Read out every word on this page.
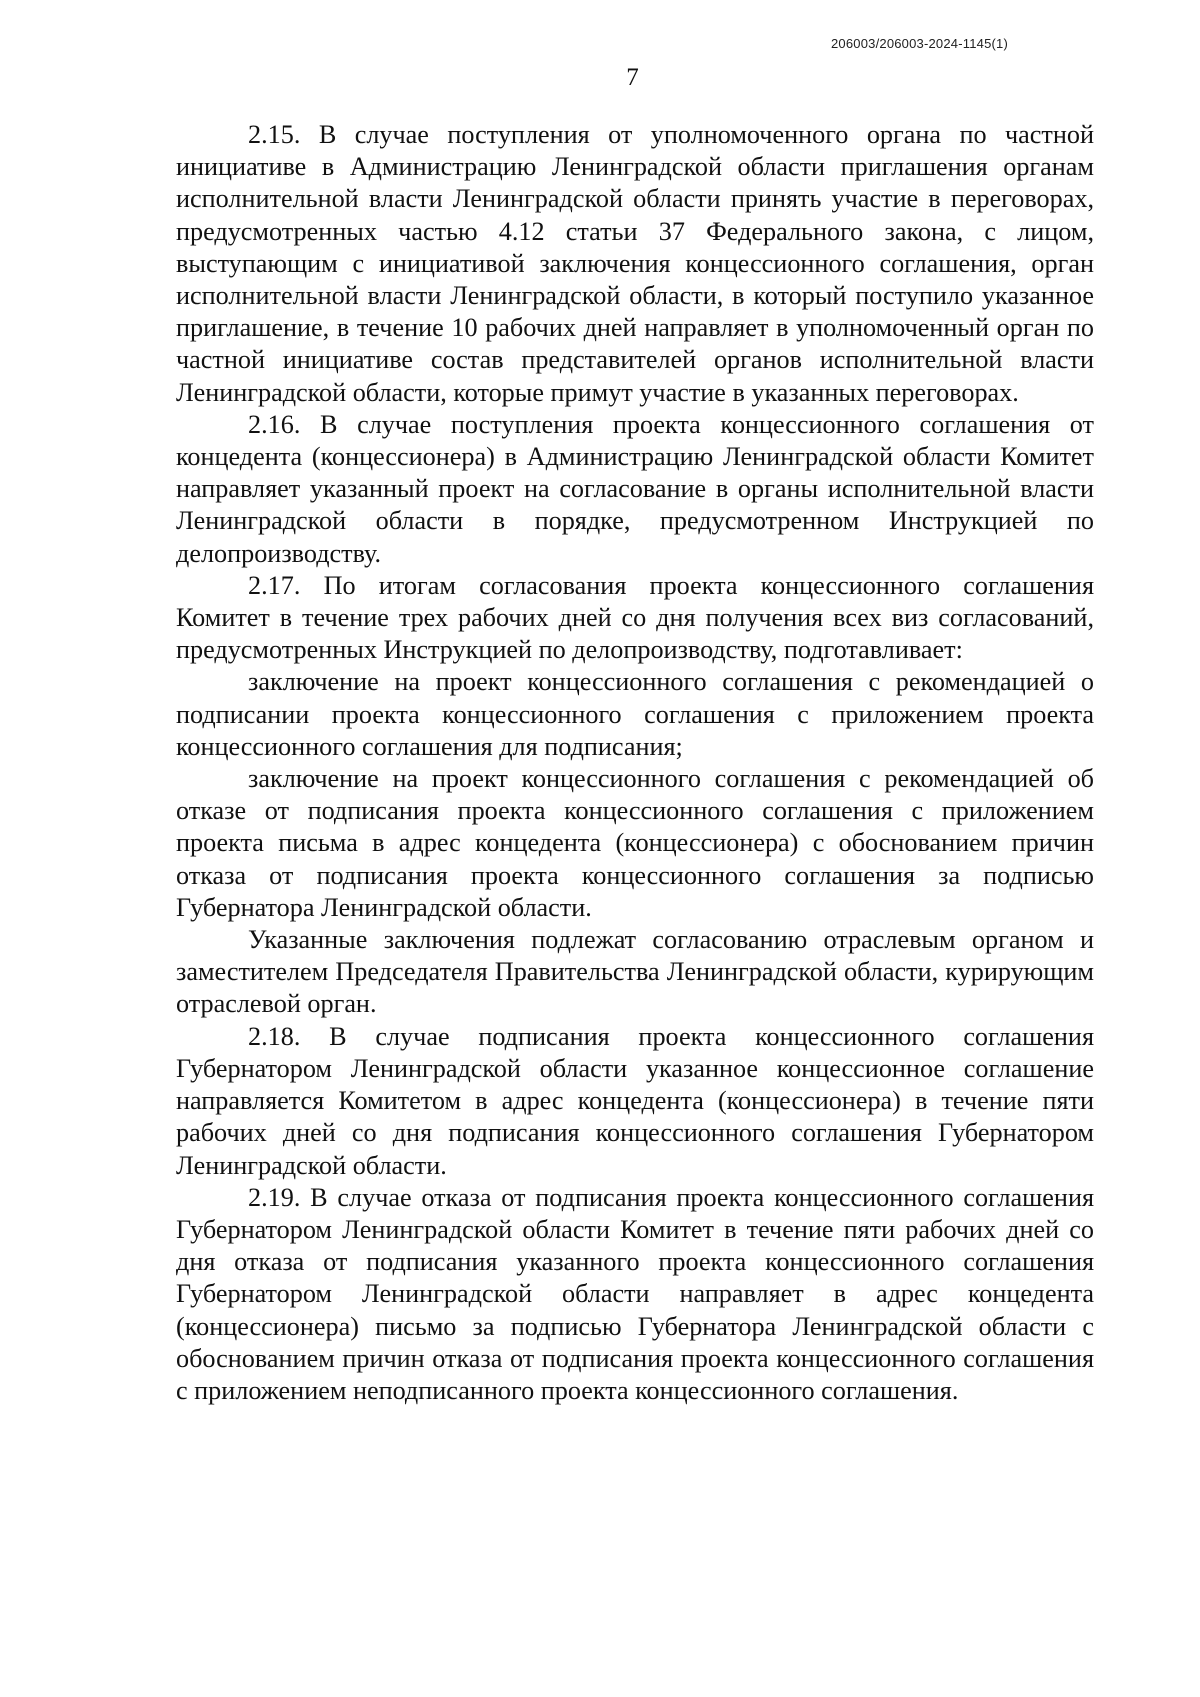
206003/206003-2024-1145(1)
7

2.15. В случае поступления от уполномоченного органа по частной инициативе в Администрацию Ленинградской области приглашения органам исполнительной власти Ленинградской области принять участие в переговорах, предусмотренных частью 4.12 статьи 37 Федерального закона, с лицом, выступающим с инициативой заключения концессионного соглашения, орган исполнительной власти Ленинградской области, в который поступило указанное приглашение, в течение 10 рабочих дней направляет в уполномоченный орган по частной инициативе состав представителей органов исполнительной власти Ленинградской области, которые примут участие в указанных переговорах.

2.16. В случае поступления проекта концессионного соглашения от концедента (концессионера) в Администрацию Ленинградской области Комитет направляет указанный проект на согласование в органы исполнительной власти Ленинградской области в порядке, предусмотренном Инструкцией по делопроизводству.

2.17. По итогам согласования проекта концессионного соглашения Комитет в течение трех рабочих дней со дня получения всех виз согласований, предусмотренных Инструкцией по делопроизводству, подготавливает:

заключение на проект концессионного соглашения с рекомендацией о подписании проекта концессионного соглашения с приложением проекта концессионного соглашения для подписания;

заключение на проект концессионного соглашения с рекомендацией об отказе от подписания проекта концессионного соглашения с приложением проекта письма в адрес концедента (концессионера) с обоснованием причин отказа от подписания проекта концессионного соглашения за подписью Губернатора Ленинградской области.

Указанные заключения подлежат согласованию отраслевым органом и заместителем Председателя Правительства Ленинградской области, курирующим отраслевой орган.

2.18. В случае подписания проекта концессионного соглашения Губернатором Ленинградской области указанное концессионное соглашение направляется Комитетом в адрес концедента (концессионера) в течение пяти рабочих дней со дня подписания концессионного соглашения Губернатором Ленинградской области.

2.19. В случае отказа от подписания проекта концессионного соглашения Губернатором Ленинградской области Комитет в течение пяти рабочих дней со дня отказа от подписания указанного проекта концессионного соглашения Губернатором Ленинградской области направляет в адрес концедента (концессионера) письмо за подписью Губернатора Ленинградской области с обоснованием причин отказа от подписания проекта концессионного соглашения с приложением неподписанного проекта концессионного соглашения.
